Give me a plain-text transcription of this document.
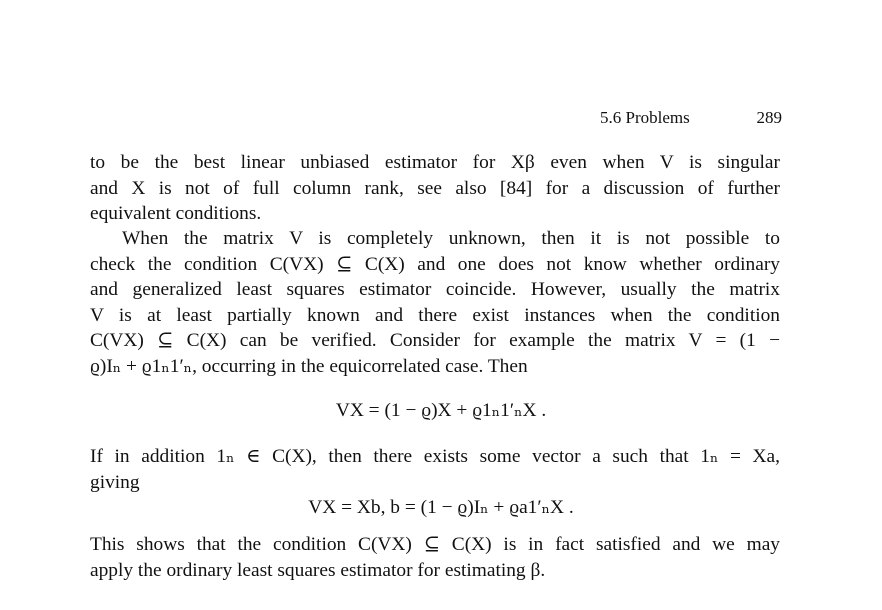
5.6 Problems	289
to be the best linear unbiased estimator for Xβ even when V is singular
and X is not of full column rank, see also [84] for a discussion of further
equivalent conditions.
When the matrix V is completely unknown, then it is not possible to
check the condition C(VX) ⊆ C(X) and one does not know whether ordinary
and generalized least squares estimator coincide. However, usually the matrix
V is at least partially known and there exist instances when the condition
C(VX) ⊆ C(X) can be verified. Consider for example the matrix V = (1 −
ϱ)Iₙ + ϱ1ₙ1′ₙ, occurring in the equicorrelated case. Then
VX = (1 − ϱ)X + ϱ1ₙ1′ₙX .
If in addition 1ₙ ∈ C(X), then there exists some vector a such that 1ₙ = Xa,
giving
VX = Xb, b = (1 − ϱ)Iₙ + ϱa1′ₙX .
This shows that the condition C(VX) ⊆ C(X) is in fact satisfied and we may
apply the ordinary least squares estimator for estimating β.
